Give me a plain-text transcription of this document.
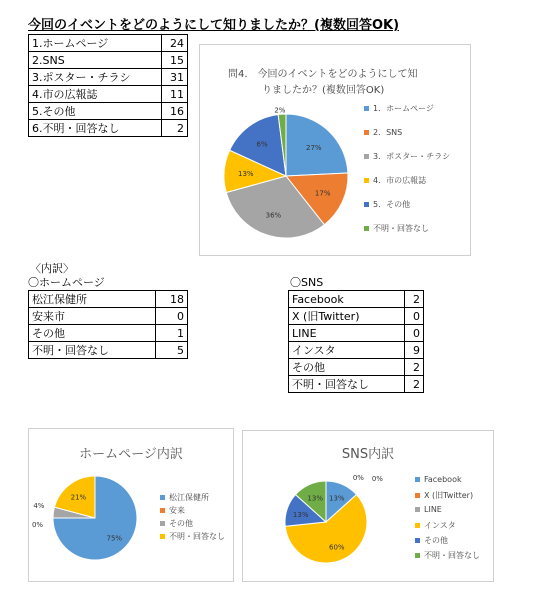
今回のイベントをどのようにして知りましたか？(複数回答OK)
1.ホームページ	24
2.SNS	15
3.ポスター・チラシ	31
4.市の広報誌	11
5.その他	16
6.不明・回答なし	2
問4.　今回のイベントをどのようにして知
りましたか？(複数回答OK)
27%
17%
36%
13%
6%
2%	1．ホームページ
2．SNS
3．ポスター・チラシ
4．市の広報誌
5．その他
不明・回答なし
〈内訳〉
〇ホームページ
松江保健所	18
安来市	0
その他	1
不明・回答なし	5
〇SNS
Facebook	2
X (旧Twitter)	0
LINE	0
インスタ	9
その他	2
不明・回答なし	2
ホームページ内訳
75%
0%
4%
21%	松江保健所
安来
その他
不明・回答なし
SNS内訳
13%
0% 0%
60%
13%
13%
Facebook
X (旧Twitter)
LINE
インスタ
その他
不明・回答なし
